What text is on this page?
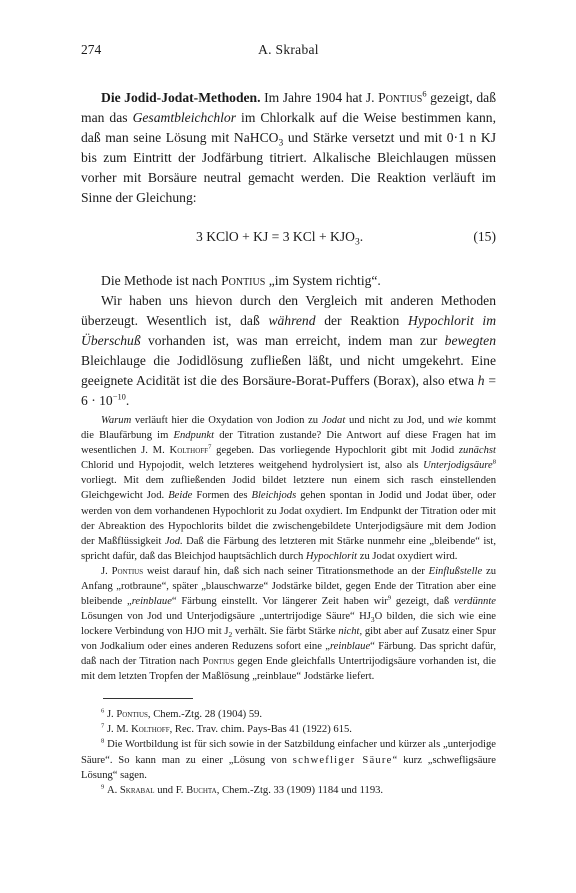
274	A. Skrabal

Die Jodid-Jodat-Methoden. Im Jahre 1904 hat J. Pontius$^6$ gezeigt, daß man das Gesamtbleichchlor im Chlorkalk auf die Weise bestimmen kann, daß man seine Lösung mit NaHCO$_3$ und Stärke versetzt und mit 0·1 n KJ bis zum Eintritt der Jodfärbung titriert. Alkalische Bleichlaugen müssen vorher mit Borsäure neutral gemacht werden. Die Reaktion verläuft im Sinne der Gleichung:

3 KClO + KJ = 3 KCl + $KJO_3$.	(15)

Die Methode ist nach Pontius „im System richtig“.

Wir haben uns hievon durch den Vergleich mit anderen Methoden überzeugt. Wesentlich ist, daß während der Reaktion Hypochlorit im Überschuß vorhanden ist, was man erreicht, indem man zur bewegten Bleichlauge die Jodidlösung zufließen läßt, und nicht umgekehrt. Eine geeignete Acidität ist die des Borsäure-Borat-Puffers (Borax), also etwa $h = 6 \cdot 10^{-10}$.

Warum verläuft hier die Oxydation von Jodion zu Jodat und nicht zu Jod, und wie kommt die Blaufärbung im Endpunkt der Titration zustande? Die Antwort auf diese Fragen hat im wesentlichen J. M. Kolthoff$^7$ gegeben. Das vorliegende Hypochlorit gibt mit Jodid zunächst Chlorid und Hypojodit, welch letzteres weitgehend hydrolysiert ist, also als Unterjodigsäure$^8$ vorliegt. Mit dem zufließenden Jodid bildet letztere nun einem sich rasch einstellenden Gleichgewicht Jod. Beide Formen des Bleichjods gehen spontan in Jodid und Jodat über, oder werden von dem vorhandenen Hypochlorit zu Jodat oxydiert. Im Endpunkt der Titration oder mit der Abreaktion des Hypochlorits bildet die zwischengebildete Unterjodigsäure mit dem Jodion der Maßflüssigkeit Jod. Daß die Färbung des letzteren mit Stärke nunmehr eine „bleibende“ ist, spricht dafür, daß das Bleichjod hauptsächlich durch Hypochlorit zu Jodat oxydiert wird.

J. Pontius weist darauf hin, daß sich nach seiner Titrationsmethode an der Einflußstelle zu Anfang „rotbraune“, später „blauschwarze“ Jodstärke bildet, gegen Ende der Titration aber eine bleibende „reinblaue“ Färbung einstellt. Vor längerer Zeit haben wir$^9$ gezeigt, daß verdünnte Lösungen von Jod und Unterjodigsäure „untertrijodige Säure“ $HJ_3O$ bilden, die sich wie eine lockere Verbindung von HJO mit $J_2$ verhält. Sie färbt Stärke nicht, gibt aber auf Zusatz einer Spur von Jodkalium oder eines anderen Reduzens sofort eine „reinblaue“ Färbung. Das spricht dafür, daß nach der Titration nach Pontius gegen Ende gleichfalls Untertrijodigsäure vorhanden ist, die mit dem letzten Tropfen der Maßlösung „reinblaue“ Jodstärke liefert.

$^6$ J. Pontius, Chem.-Ztg. 28 (1904) 59.

$^7$ J. M. Kolthoff, Rec. Trav. chim. Pays-Bas 41 (1922) 615.

$^8$ Die Wortbildung ist für sich sowie in der Satzbildung einfacher und kürzer als „unterjodige Säure“. So kann man zu einer „Lösung von schwefliger Säure“ kurz „schwefligsäure Lösung“ sagen.

$^9$ A. Skrabal und F. Buchta, Chem.-Ztg. 33 (1909) 1184 und 1193.
